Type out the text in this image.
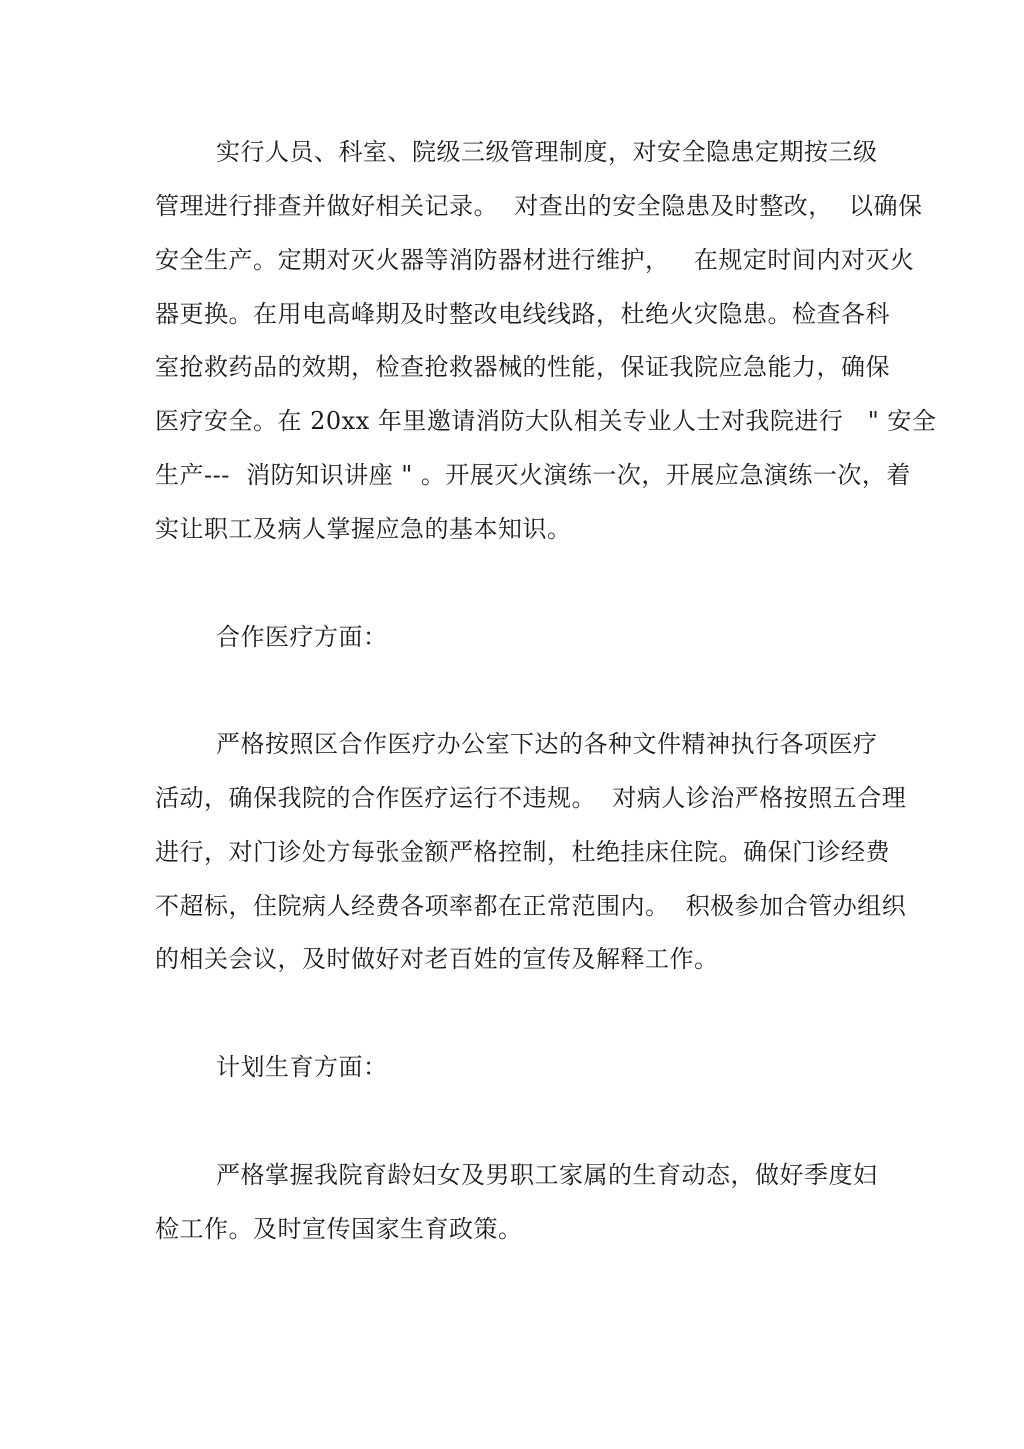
实行人员、科室、院级三级管理制度，对安全隐患定期按三级
管理进行排查并做好相关记录。  对查出的安全隐患及时整改，  以确保
安全生产。定期对灭火器等消防器材进行维护，   在规定时间内对灭火
器更换。在用电高峰期及时整改电线线路，杜绝火灾隐患。检查各科
室抢救药品的效期，检查抢救器械的性能，保证我院应急能力，确保
医疗安全。在 20xx 年里邀请消防大队相关专业人士对我院进行   " 安全
生产---  消防知识讲座 " 。开展灭火演练一次，开展应急演练一次，着
实让职工及病人掌握应急的基本知识。
合作医疗方面：
严格按照区合作医疗办公室下达的各种文件精神执行各项医疗
活动，确保我院的合作医疗运行不违规。  对病人诊治严格按照五合理
进行，对门诊处方每张金额严格控制，杜绝挂床住院。确保门诊经费
不超标，住院病人经费各项率都在正常范围内。  积极参加合管办组织
的相关会议，及时做好对老百姓的宣传及解释工作。
计划生育方面：
严格掌握我院育龄妇女及男职工家属的生育动态，做好季度妇
检工作。及时宣传国家生育政策。
